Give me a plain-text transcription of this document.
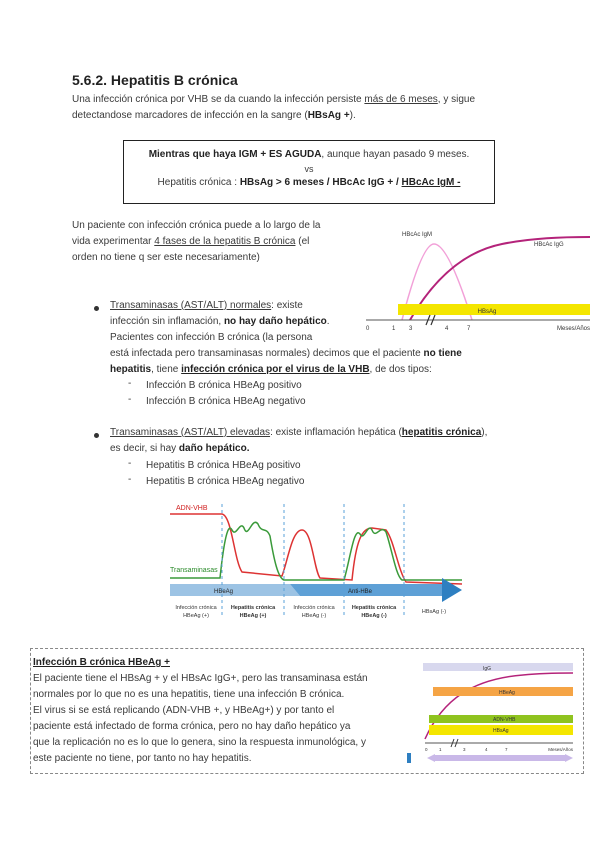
5.6.2. Hepatitis B crónica
Una infección crónica por VHB se da cuando la infección persiste más de 6 meses, y sigue
detectandose marcadores de infección en la sangre (HBsAg +).
Mientras que haya IGM + ES AGUDA, aunque hayan pasado 9 meses.
vs
Hepatitis crónica : HBsAg > 6 meses / HBcAc IgG + / HBcAc IgM -
Un paciente con infección crónica puede a lo largo de la
vida experimentar 4 fases de la hepatitis B crónica (el
orden no tiene q ser este necesariamente)
HBsAg
HBcAc IgM
HBcAc IgG
0	1 3	4	7	Meses/Años
Transaminasas (AST/ALT) normales: existe
infección sin inflamación, no hay daño hepático.
Pacientes con infección B crónica (la persona
está infectada pero transaminasas normales) decimos que el paciente no tiene
hepatitis, tiene infección crónica por el virus de la VHB, de dos tipos:
- Infección B crónica HBeAg positivo
- Infección B crónica HBeAg negativo
Transaminasas (AST/ALT) elevadas: existe inflamación hepática (hepatitis crónica),
es decir, si hay daño hepático.
- Hepatitis B crónica HBeAg positivo
- Hepatitis B crónica HBeAg negativo
ADN-VHB
Transaminasas
HBeAg	Anti-HBe
Infección crónica
HBeAg (+)
Hepatitis crónica
HBeAg (+)
Infección crónica
HBeAg (-)
Hepatitis crónica
HBeAg (-)
HBsAg (-)
Infección B crónica HBeAg +
El paciente tiene el HBsAg + y el HBsAc IgG+, pero las transaminasa están
normales por lo que no es una hepatitis, tiene una infección B crónica.
El virus si se está replicando (ADN-VHB +, y HBeAg+) y por tanto el
paciente está infectado de forma crónica, pero no hay daño hepático ya
que la replicación no es lo que lo genera, sino la respuesta inmunológica, y
este paciente no tiene, por tanto no hay hepatitis.
IgG
HBeAg
ADN-VHB
HBsAg
0	1	3	4	7	Meses/Años
